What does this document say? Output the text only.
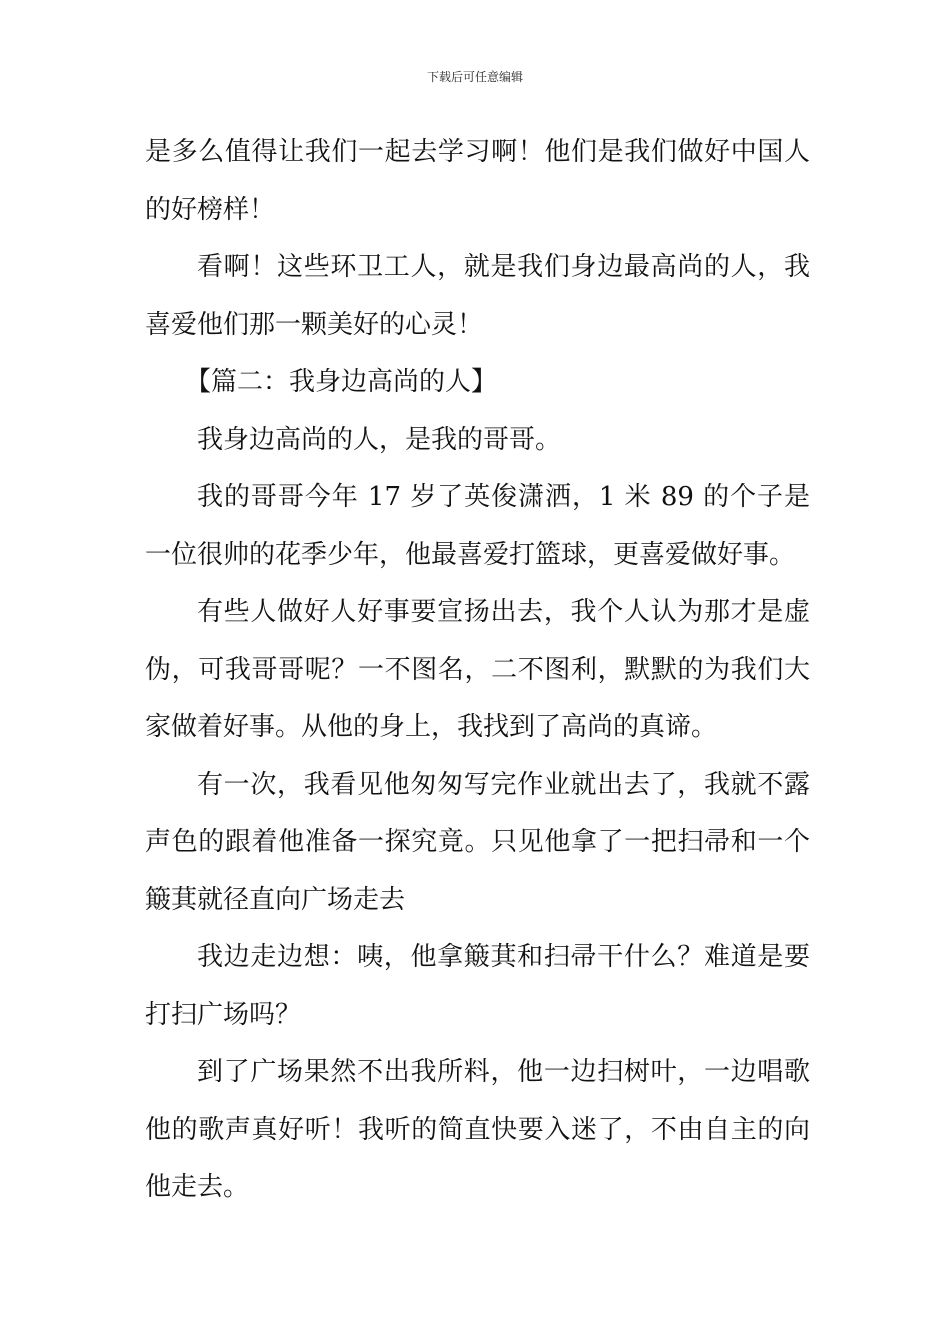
下载后可任意编辑

是多么值得让我们一起去学习啊！他们是我们做好中国人的好榜样！

看啊！这些环卫工人，就是我们身边最高尚的人，我喜爱他们那一颗美好的心灵！

【篇二：我身边高尚的人】

我身边高尚的人，是我的哥哥。

我的哥哥今年 17 岁了英俊潇洒，1 米 89 的个子是一位很帅的花季少年，他最喜爱打篮球，更喜爱做好事。

有些人做好人好事要宣扬出去，我个人认为那才是虚伪，可我哥哥呢？一不图名，二不图利，默默的为我们大家做着好事。从他的身上，我找到了高尚的真谛。

有一次，我看见他匆匆写完作业就出去了，我就不露声色的跟着他准备一探究竟。只见他拿了一把扫帚和一个簸萁就径直向广场走去

我边走边想：咦，他拿簸萁和扫帚干什么？难道是要打扫广场吗？

到了广场果然不出我所料，他一边扫树叶，一边唱歌他的歌声真好听！我听的简直快要入迷了，不由自主的向他走去。
